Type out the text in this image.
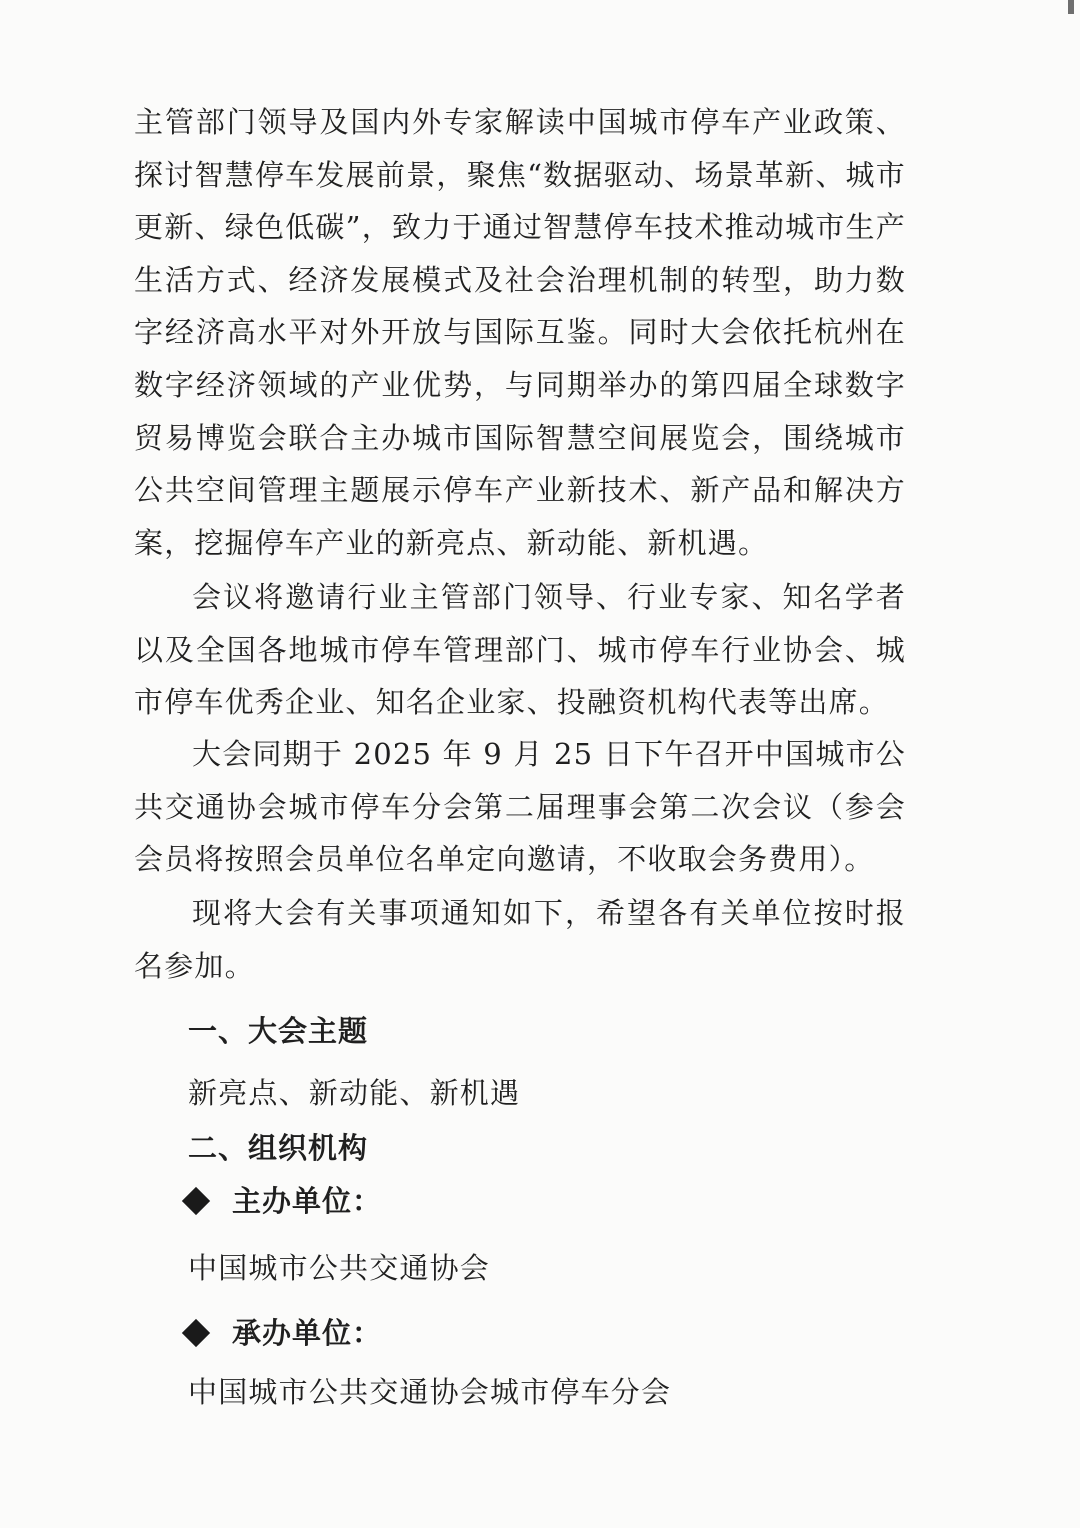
主管部门领导及国内外专家解读中国城市停车产业政策、探讨智慧停车发展前景，聚焦“数据驱动、场景革新、城市更新、绿色低碳”，致力于通过智慧停车技术推动城市生产生活方式、经济发展模式及社会治理机制的转型，助力数字经济高水平对外开放与国际互鉴。同时大会依托杭州在数字经济领域的产业优势，与同期举办的第四届全球数字贸易博览会联合主办城市国际智慧空间展览会，围绕城市公共空间管理主题展示停车产业新技术、新产品和解决方案，挖掘停车产业的新亮点、新动能、新机遇。

会议将邀请行业主管部门领导、行业专家、知名学者以及全国各地城市停车管理部门、城市停车行业协会、城市停车优秀企业、知名企业家、投融资机构代表等出席。

大会同期于 2025 年 9 月 25 日下午召开中国城市公共交通协会城市停车分会第二届理事会第二次会议（参会会员将按照会员单位名单定向邀请，不收取会务费用）。

现将大会有关事项通知如下，希望各有关单位按时报名参加。

一、大会主题

新亮点、新动能、新机遇

二、组织机构
主办单位：

中国城市公共交通协会

承办单位：

中国城市公共交通协会城市停车分会
